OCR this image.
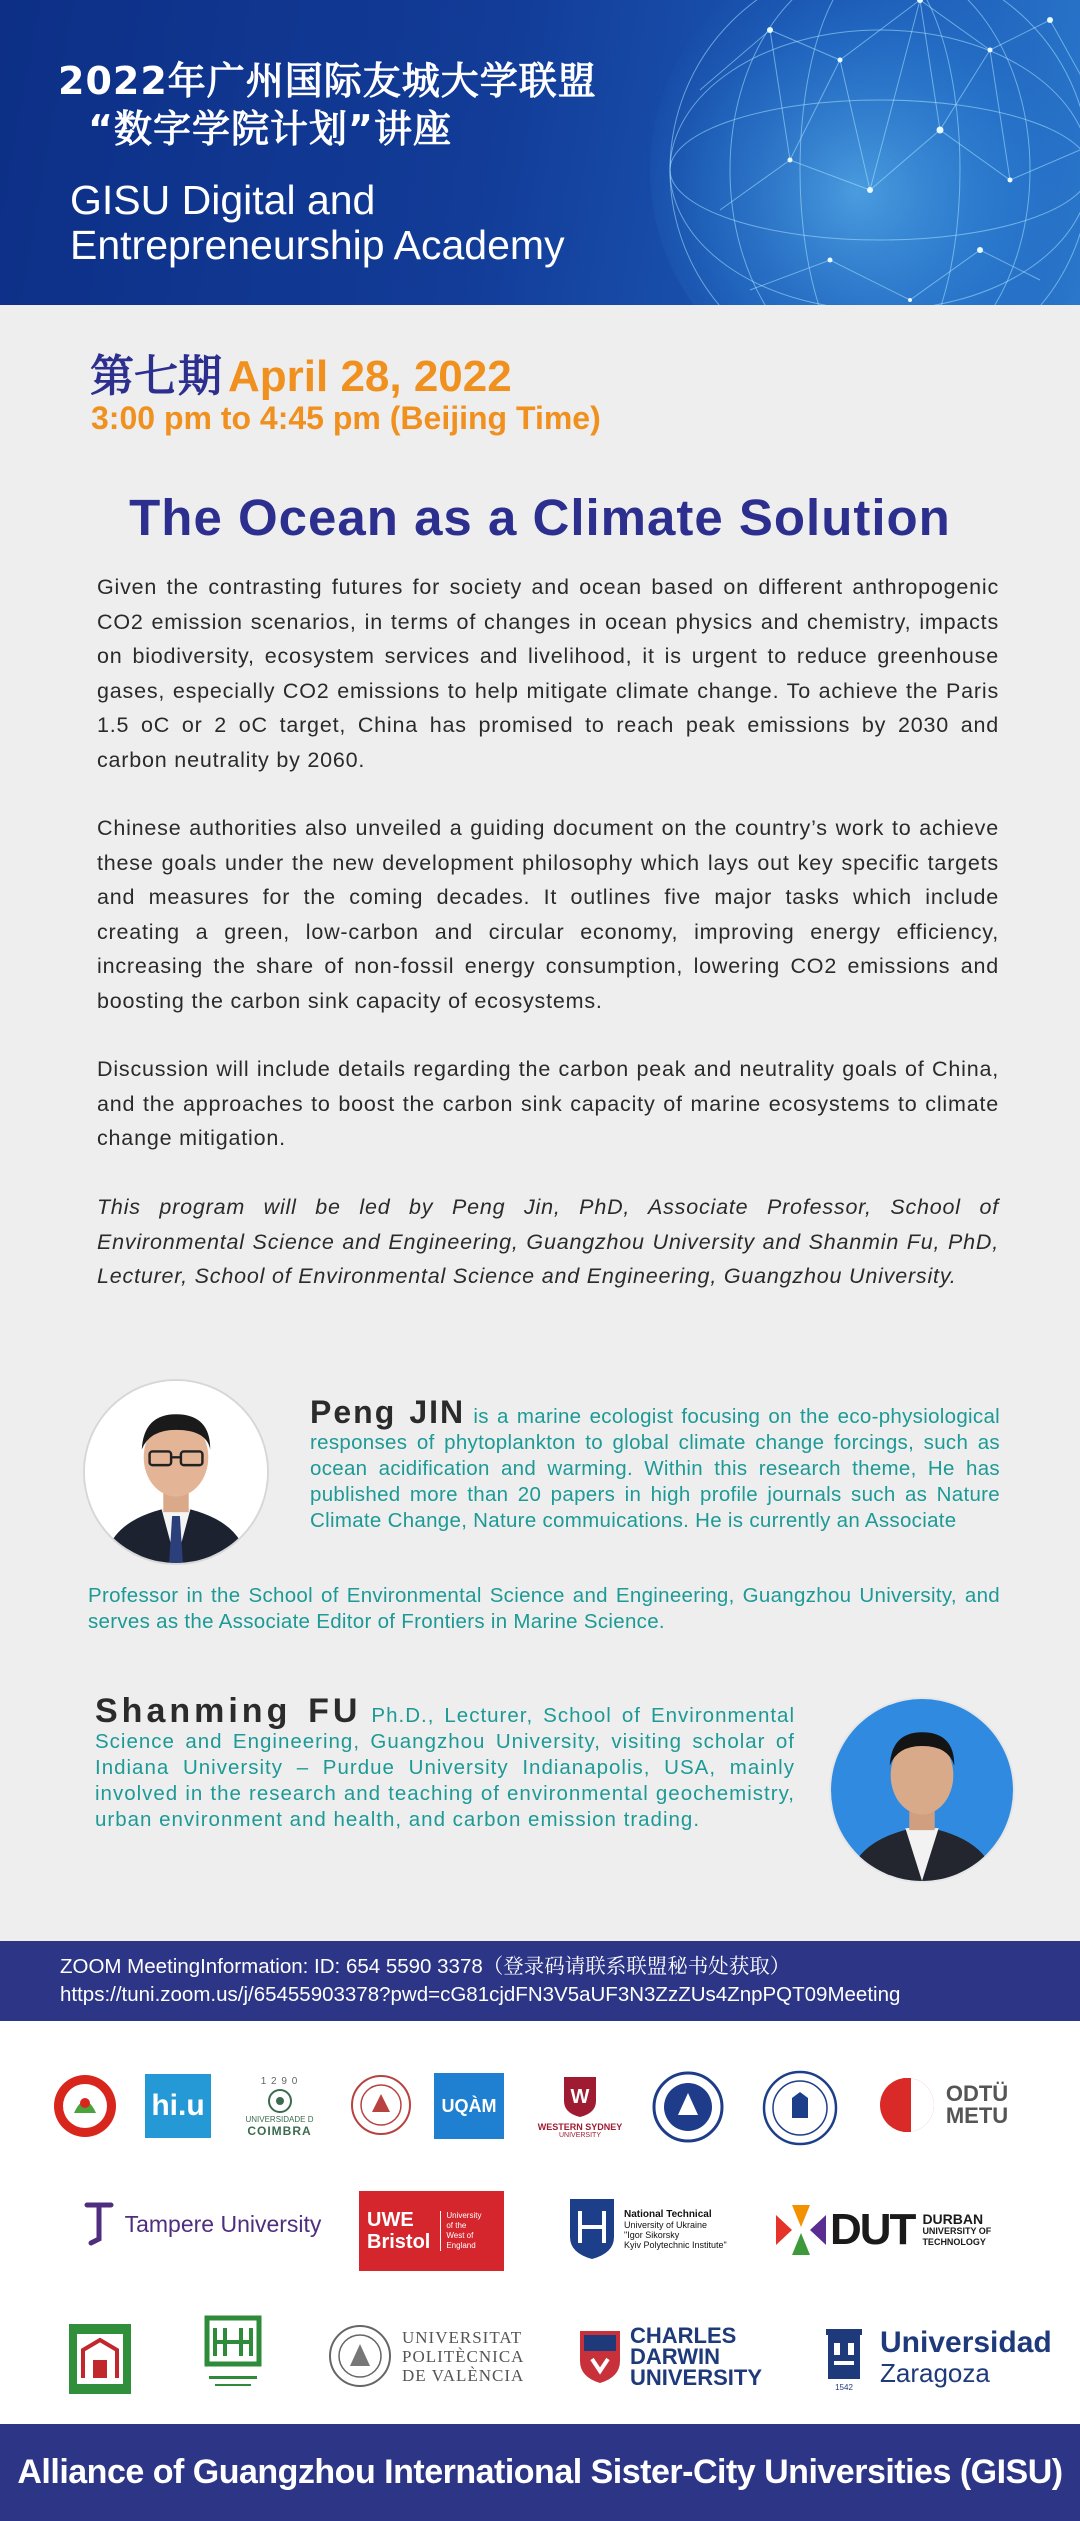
2022年广州国际友城大学联盟
“数字学院计划”讲座
GISU Digital and
Entrepreneurship Academy
第七期 April 28, 2022
3:00 pm to 4:45 pm (Beijing Time)
The Ocean as a Climate Solution

Given the contrasting futures for society and ocean based on different anthropogenic CO2 emission scenarios, in terms of changes in ocean physics and chemistry, impacts on biodiversity, ecosystem services and livelihood, it is urgent to reduce greenhouse gases, especially CO2 emissions to help mitigate climate change. To achieve the Paris 1.5 oC or 2 oC target, China has promised to reach peak emissions by 2030 and carbon neutrality by 2060.

Chinese authorities also unveiled a guiding document on the country’s work to achieve these goals under the new development philosophy which lays out key specific targets and measures for the coming decades. It outlines five major tasks which include creating a green, low-carbon and circular economy, improving energy efficiency, increasing the share of non-fossil energy consumption, lowering CO2 emissions and boosting the carbon sink capacity of ecosystems.

Discussion will include details regarding the carbon peak and neutrality goals of China, and the approaches to boost the carbon sink capacity of marine ecosystems to climate change mitigation.

This program will be led by Peng Jin, PhD, Associate Professor, School of Environmental Science and Engineering, Guangzhou University and Shanmin Fu, PhD, Lecturer, School of Environmental Science and Engineering, Guangzhou University.

Peng JIN is a marine ecologist focusing on the eco-physiological responses of phytoplankton to global climate change forcings, such as ocean acidification and warming. Within this research theme, He has published more than 20 papers in high profile journals such as Nature Climate Change, Nature commuications. He is currently an Associate
Professor in the School of Environmental Science and Engineering, Guangzhou University, and serves as the Associate Editor of Frontiers in Marine Science.
Shanming FU Ph.D., Lecturer, School of Environmental Science and Engineering, Guangzhou University, visiting scholar of Indiana University – Purdue University Indianapolis, USA, mainly involved in the research and teaching of environmental geochemistry, urban environment and health, and carbon emission trading.
ZOOM MeetingInformation: ID: 654 5590 3378（登录码请联系联盟秘书处获取）
https://tuni.zoom.us/j/65455903378?pwd=cG81cjdFN3V5aUF3N3ZzZUs4ZnpPQT09Meeting
hi.u
1 2 9 0
UNIVERSIDADE D
COIMBRA
UQÀM	W
WESTERN SYDNEY
UNIVERSITY
ODTÜ
METU
Tampere University UWE
Bristol
University of the West of England
National Technical
University of Ukraine
"Igor Sikorsky
Kyiv Polytechnic Institute" DUT DURBAN
UNIVERSITY OF
TECHNOLOGY
UNIVERSITAT
POLITÈCNICA
DE VALÈNCIA
CHARLES
DARWIN
UNIVERSITY	1542
Universidad
Zaragoza
Alliance of Guangzhou International Sister-City Universities (GISU)
